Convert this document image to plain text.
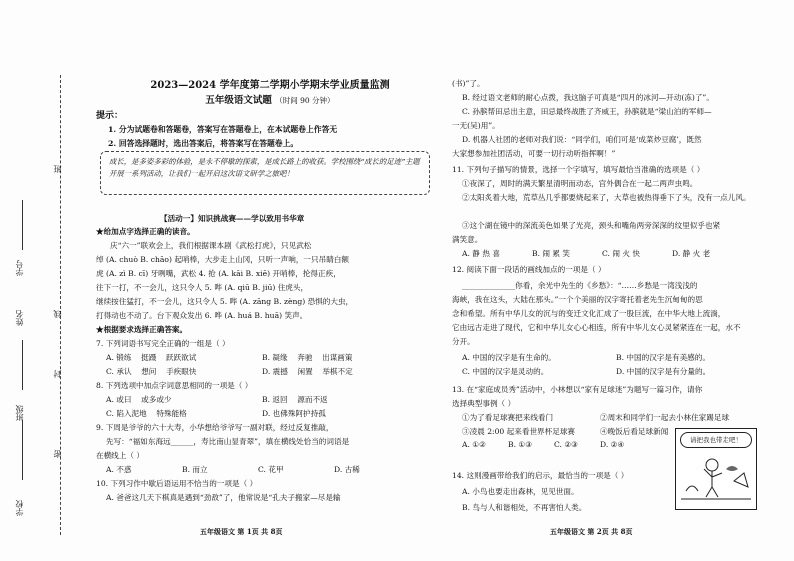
班
学号
姓名	线
封
学校
密
班级
2023—2024 学年度第二学期小学期末学业质量监测
五年级语文试题 （时间 90 分钟）
提示：
1. 分为试题卷和答题卷，答案写在答题卷上，在本试题卷上作答无
2. 回答选择题时，选出答案后，将答案写在答题卷上。
成长，是多姿多彩的体验，是永不停歇的探索，是成长路上的收获。学校围绕“成长的足迹”主题开展一系列活动，让我们一起开启这次语文研学之旅吧！
【活动一】知识挑战赛——学以致用书华章
★给加点字选择正确的读音。
庆“六一”联欢会上，我们根据课本剧《武松打虎》，只见武松
绰 (A. chuò B. chāo) 起哨棒，大步走上山冈，只听一声响，一只吊睛白额
虎 (A. zì B. cī) 牙咧嘴，武松 4. 抢 (A. kāi B. xiē) 开哨棒，抡得正疾，
往下一打，不一会儿，这只令人 5. 哔 (A. qiū B. jiū) 住虎头，
继续按住猛打，不一会儿，这只令人 5. 哔 (A. zāng B. zèng) 恐惧的大虫，
打得动也不动了。台下观众发出 6. 哗 (A. huá B. huā) 笑声。
★根据要求选择正确答案。
7. 下列词语书写完全正确的一组是（ ）
A. 锻练 挺蹑 跃跃欲试	B. 凝缘 奔驰 出谋画策
C. 承认 想问 手疾眼快	D. 震撼 闲置 举棋不定
8. 下列选项中加点字词意思相同的一项是（ ）
A. 或曰 或多或少	B. 返回 源而不返
C. 陷入泥地 特殊能格	D. 也佛殊阿护持孤
9. 下周是爷爷的六十大寿，小华想给爷爷写一副对联，经过反复推敲，
先写：“福如东海远______，寿比南山显青翠”，填在横线处恰当的词语是
在横线上（ ）
A. 不惑	B. 而立	C. 花甲	D. 古稀
10. 下列习作中歇后语运用不恰当的一项是（ ）
A. 爸爸这几天下棋真是遇到“劲敌”了，他常说是“孔夫子搬家—尽是输
五年级语文 第 1页 共 8页
(书)”了。
B. 经过语文老师的耐心点拨，我这脑子可真是“四月的冰河—开动(冻)了”。
C. 孙膑帮田忌出主意，田忌最终战胜了齐威王，孙膑就是“梁山泊的军师—
一无(吴)用”。
D. 机器人社团的老师对我们说：“同学们，咱们可是‘成菜炒豆腐’，既然
大家想参加社团活动，可要一切行动听指挥啊！”
11. 下列句子描写的情景，选择一个字填写，填写最恰当准确的选项是（ ）
①夜深了，周时的满天繁星清明而动态，宫外偶合在一起二两声虫鸣。
②太阳炙着大地，荒草丛几乎都要烧起来了，大草也被热得垂下了头，没有一点儿风。
③这个湖在镜中的深流美色如果了光亮，颈头和嘴角两旁深深的纹里似乎也紧
满笑意。
A. 静 热 喜	B. 闹 累 笑	C. 闹 火 快	D. 静 火 老
12. 阅读下面一段话的画线加点的一项是（ ）
______________你看，余光中先生的《乡愁》：“……乡愁是一湾浅浅的
海峡，我在这头，大陆在那头。”一个个美丽的汉字寄托着老先生沉甸甸的思
念和希望。所有中华儿女的沉与的变迁文化汇成了一股巨流，在中华大地上流淌，
它由远古走进了现代，它和中华儿女心心相连，所有中华儿女心灵紧紧连在一起，水不
分开。
A. 中国的汉字是有生命的。	B. 中国的汉字是有美感的。
C. 中国的汉字是灵动的。	D. 中国的汉字是有分量的。
13. 在“家庭成员秀”活动中，小林想以“家有足球迷”为题写一篇习作，请你
选择典型事例（ ）
①为了看足球赛把来线看门	②周末和同学们一起去小林住家踢足球
③凌晨 2:00 起来看世界杯足球赛	④晚饭后看足球新闻
A. ①②	B. ①③	C. ②③	D. ②④
14. 这则漫画带给我们的启示，最恰当的一项是（ ）
A. 小鸟也要走出森林，见见世面。
B. 鸟与人和谐相处，不再害怕人类。
请把我也带走吧！
五年级语文 第 2页 共 8页
